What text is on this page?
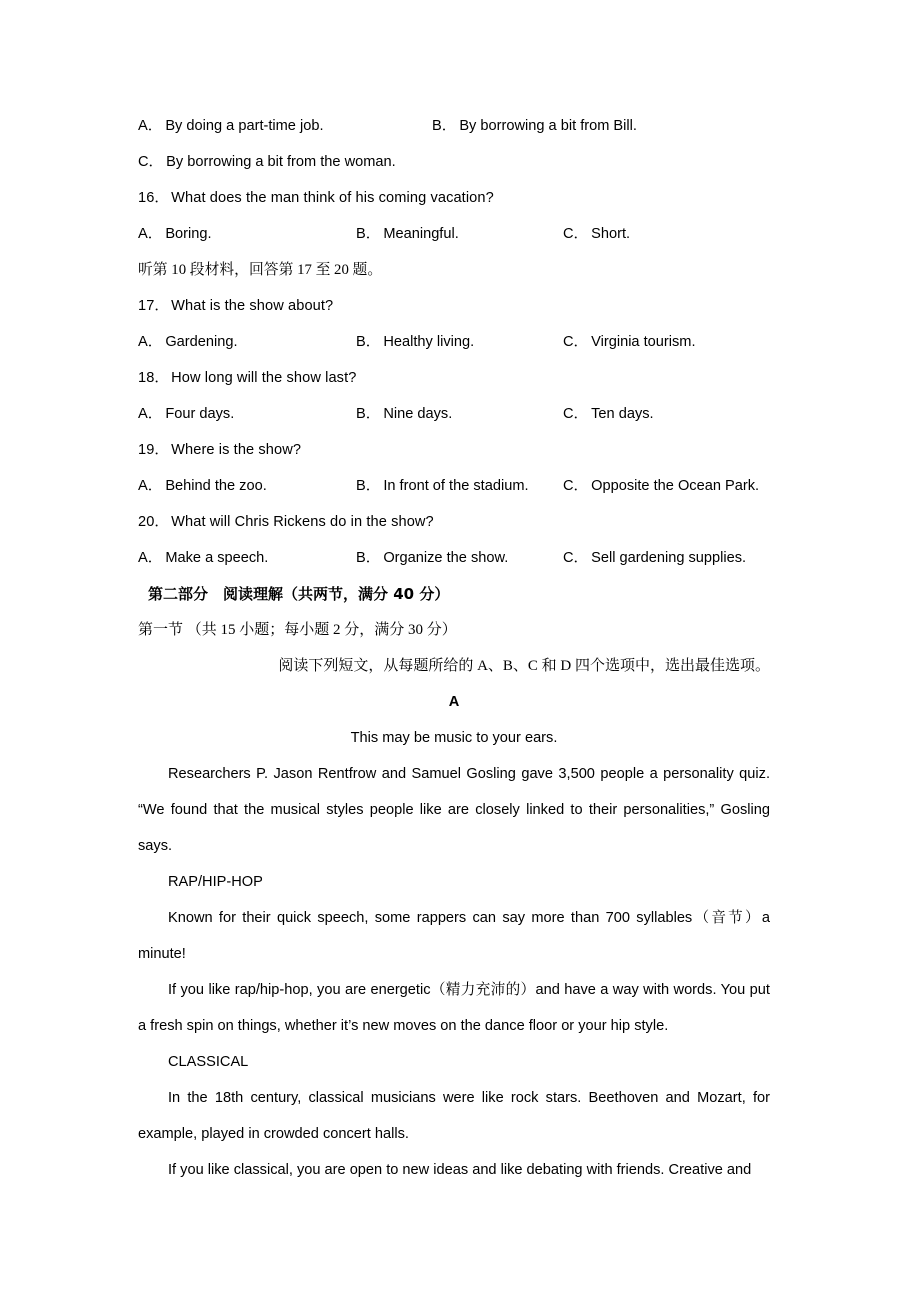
A． By doing a part-time job.	B． By borrowing a bit from Bill.
C． By borrowing a bit from the woman.
16． What does the man think of his coming vacation?
A． Boring.	B． Meaningful.	C． Short.
听第 10 段材料，回答第 17 至 20 题。
17． What is the show about?
A． Gardening.	B． Healthy living.	C． Virginia tourism.
18． How long will the show last?
A． Four days.	B． Nine days.	C． Ten days.
19． Where is the show?
A． Behind the zoo.	B． In front of the stadium. C． Opposite the Ocean Park.
20． What will Chris Rickens do in the show?
A． Make a speech.	B． Organize the show.	C． Sell gardening supplies.
第二部分　阅读理解（共两节，满分 40 分）
第一节 （共 15 小题；每小题 2 分，满分 30 分）
阅读下列短文，从每题所给的 A、B、C 和 D 四个选项中，选出最佳选项。
A
This may be music to your ears.

Researchers P. Jason Rentfrow and Samuel Gosling gave 3,500 people a personality quiz. “We found that the musical styles people like are closely linked to their personalities,” Gosling says.

RAP/HIP-HOP

Known for their quick speech, some rappers can say more than 700 syllables（音节）a minute!

If you like rap/hip-hop, you are energetic（精力充沛的）and have a way with words. You put a fresh spin on things, whether it’s new moves on the dance floor or your hip style.

CLASSICAL

In the 18th century, classical musicians were like rock stars. Beethoven and Mozart, for example, played in crowded concert halls.

If you like classical, you are open to new ideas and like debating with friends. Creative and
